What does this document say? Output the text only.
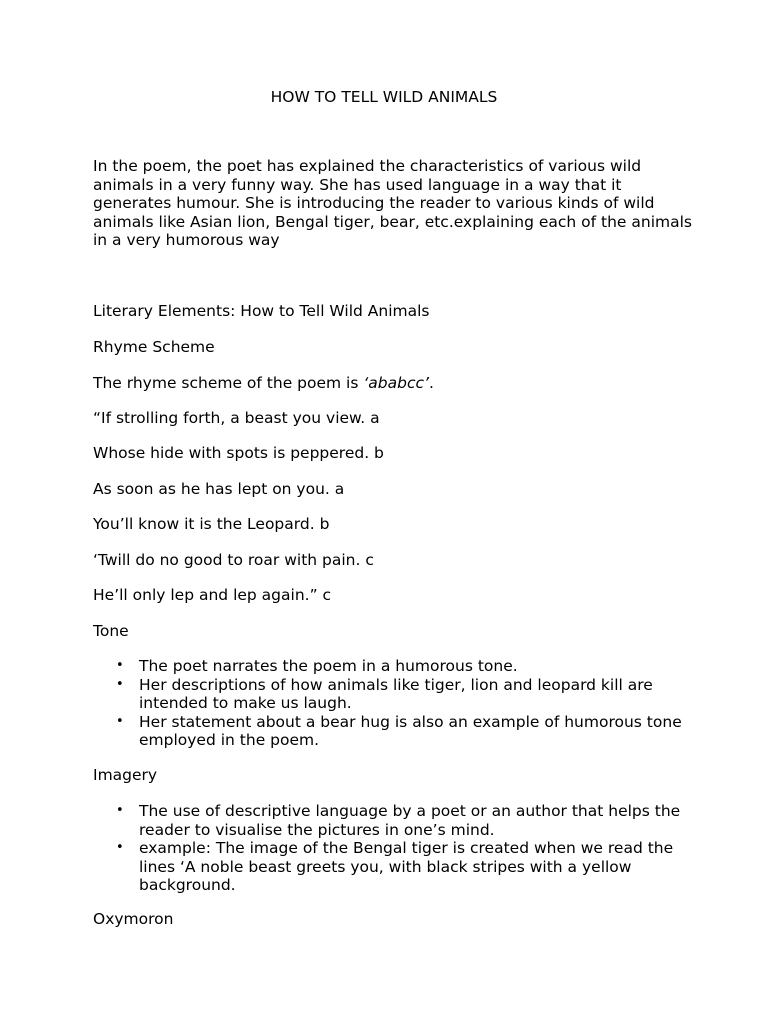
HOW TO TELL WILD ANIMALS

In the poem, the poet has explained the characteristics of various wild animals in a very funny way. She has used language in a way that it generates humour. She is introducing the reader to various kinds of wild animals like Asian lion, Bengal tiger, bear, etc.explaining each of the animals in a very humorous way

Literary Elements: How to Tell Wild Animals

Rhyme Scheme

The rhyme scheme of the poem is ‘ababcc’.

“If strolling forth, a beast you view. a

Whose hide with spots is peppered. b

As soon as he has lept on you. a

You’ll know it is the Leopard. b

‘Twill do no good to roar with pain. c

He’ll only lep and lep again.” c

Tone

• The poet narrates the poem in a humorous tone.
• Her descriptions of how animals like tiger, lion and leopard kill are intended to make us laugh.
• Her statement about a bear hug is also an example of humorous tone employed in the poem.

Imagery

• The use of descriptive language by a poet or an author that helps the reader to visualise the pictures in one’s mind.
• example: The image of the Bengal tiger is created when we read the lines ‘A noble beast greets you, with black stripes with a yellow background.

Oxymoron
